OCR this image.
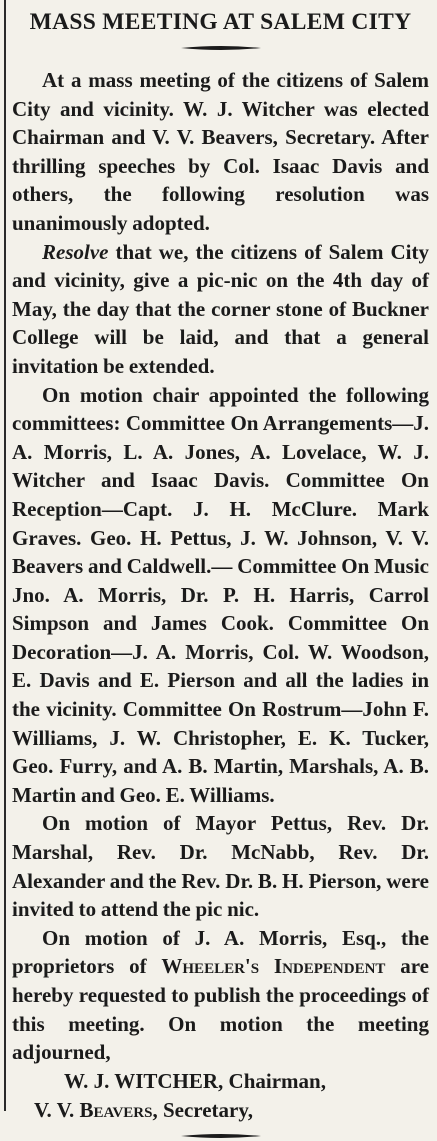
MASS MEETING AT SALEM CITY

At a mass meeting of the citizens of Salem City and vicinity. W. J. Witcher was elected Chairman and V. V. Beavers, Secretary. After thrilling speeches by Col. Isaac Davis and others, the following resolution was unanimously adopted.

Resolve that we, the citizens of Salem City and vicinity, give a pic-nic on the 4th day of May, the day that the corner stone of Buckner College will be laid, and that a general invitation be extended.

On motion chair appointed the following committees: Committee On Arrangements—J. A. Morris, L. A. Jones, A. Lovelace, W. J. Witcher and Isaac Davis. Committee On Reception—Capt. J. H. McClure. Mark Graves. Geo. H. Pettus, J. W. Johnson, V. V. Beavers and Caldwell.— Committee On Music Jno. A. Morris, Dr. P. H. Harris, Carrol Simpson and James Cook. Committee On Decoration—J. A. Morris, Col. W. Woodson, E. Davis and E. Pierson and all the ladies in the vicinity. Committee On Rostrum—John F. Williams, J. W. Christopher, E. K. Tucker, Geo. Furry, and A. B. Martin, Marshals, A. B. Martin and Geo. E. Williams.

On motion of Mayor Pettus, Rev. Dr. Marshal, Rev. Dr. McNabb, Rev. Dr. Alexander and the Rev. Dr. B. H. Pierson, were invited to attend the pic nic.

On motion of J. A. Morris, Esq., the proprietors of Wheeler's Independent are hereby requested to publish the proceedings of this meeting. On motion the meeting adjourned,

W. J. WITCHER, Chairman,
V. V. Beavers, Secretary,
